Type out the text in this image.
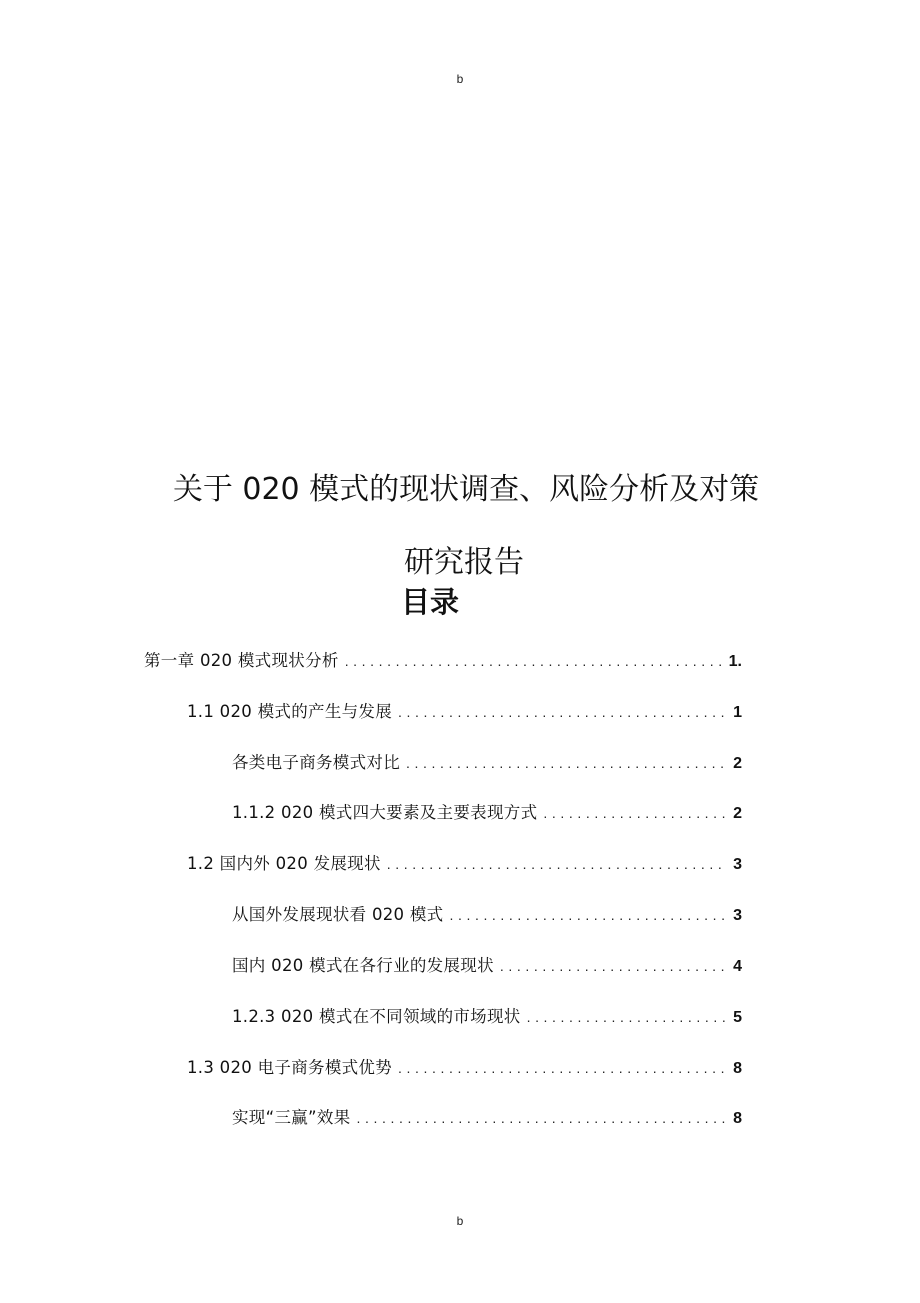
b
关于 020 模式的现状调查、风险分析及对策
研究报告
目录
第一章 020 模式现状分析 .....	1.
1.1 020 模式的产生与发展 .....	1
各类电子商务模式对比 .....	2
1.1.2 020 模式四大要素及主要表现方式 .....	2
1.2 国内外 020 发展现状 .....	3
从国外发展现状看 020 模式 .....	3
国内 020 模式在各行业的发展现状 .....	4
1.2.3 020 模式在不同领域的市场现状 .....	5
1.3 020 电子商务模式优势 .....	8
实现“三赢”效果 .....	8
b
